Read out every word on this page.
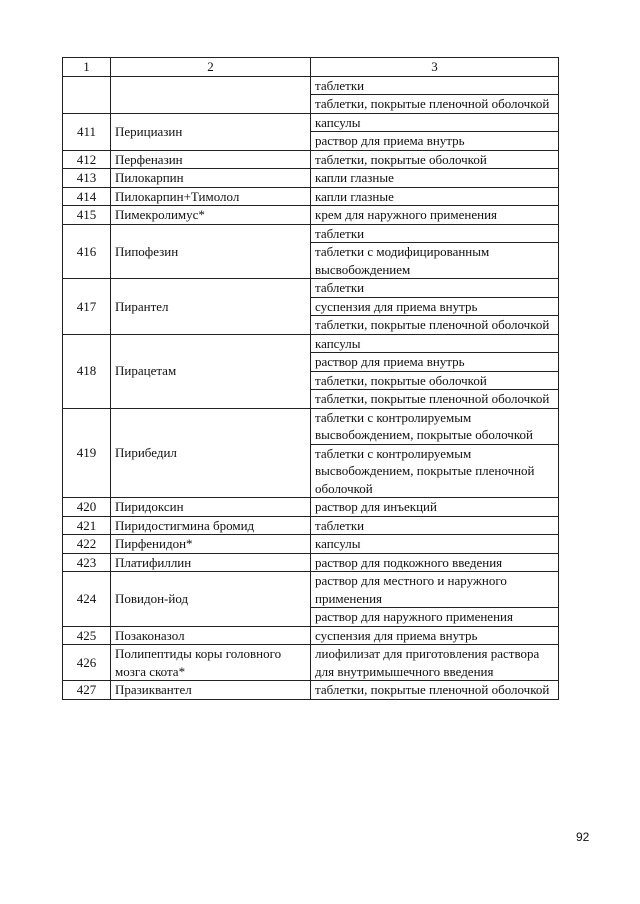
1	2	3
		таблетки
		таблетки, покрытые пленочной оболочкой
411	Перициазин	капсулы
		раствор для приема внутрь
412	Перфеназин	таблетки, покрытые оболочкой
413	Пилокарпин	капли глазные
414	Пилокарпин+Тимолол	капли глазные
415	Пимекролимус*	крем для наружного применения
416	Пипофезин	таблетки
		таблетки с модифицированным высвобождением
417	Пирантел	таблетки
		суспензия для приема внутрь
		таблетки, покрытые пленочной оболочкой
418	Пирацетам	капсулы
		раствор для приема внутрь
		таблетки, покрытые оболочкой
		таблетки, покрытые пленочной оболочкой
419	Пирибедил	таблетки с контролируемым высвобождением, покрытые оболочкой
		таблетки с контролируемым высвобождением, покрытые пленочной оболочкой
420	Пиридоксин	раствор для инъекций
421	Пиридостигмина бромид	таблетки
422	Пирфенидон*	капсулы
423	Платифиллин	раствор для подкожного введения
424	Повидон-йод	раствор для местного и наружного применения
		раствор для наружного применения
425	Позаконазол	суспензия для приема внутрь
426	Полипептиды коры головного мозга скота*	лиофилизат для приготовления раствора для внутримышечного введения
427	Празиквантел	таблетки, покрытые пленочной оболочкой
92
